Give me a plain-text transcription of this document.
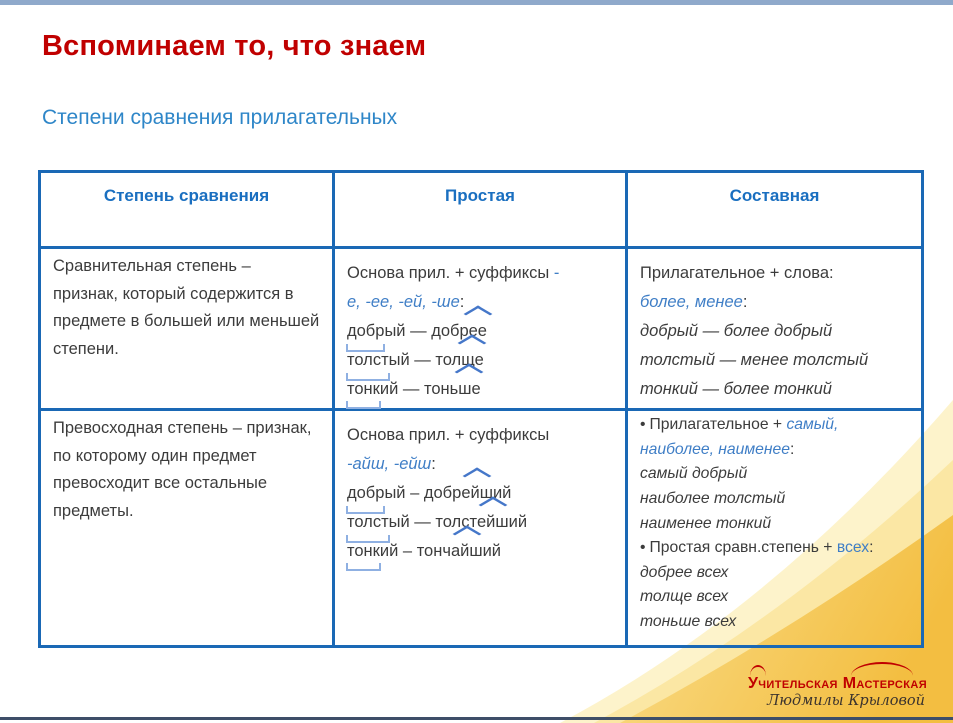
Вспоминаем то, что знаем
Степени сравнения прилагательных
Степень сравнения	Простая	Составная
Сравнительная степень – признак, который содержится в предмете в большей или меньшей степени.
Основа прил. + суффиксы -
е, -ее, -ей, -ше:
добрый — добрее
толстый — толще
тонкий — тоньше
Прилагательное + слова:
более, менее:
добрый — более добрый
толстый — менее толстый
тонкий — более тонкий
Превосходная степень – признак, по которому один предмет превосходит все остальные предметы.
Основа прил. + суффиксы
-айш, -ейш:
добрый – добрейший
толстый — толстейший
тонкий – тончайший
• Прилагательное + самый, наиболее, наименее:
самый добрый
наиболее толстый
наименее тонкий
• Простая сравн.степень + всех:
добрее всех
толще всех
тоньше всех
Учительская Мастерская
Людмилы Крыловой
